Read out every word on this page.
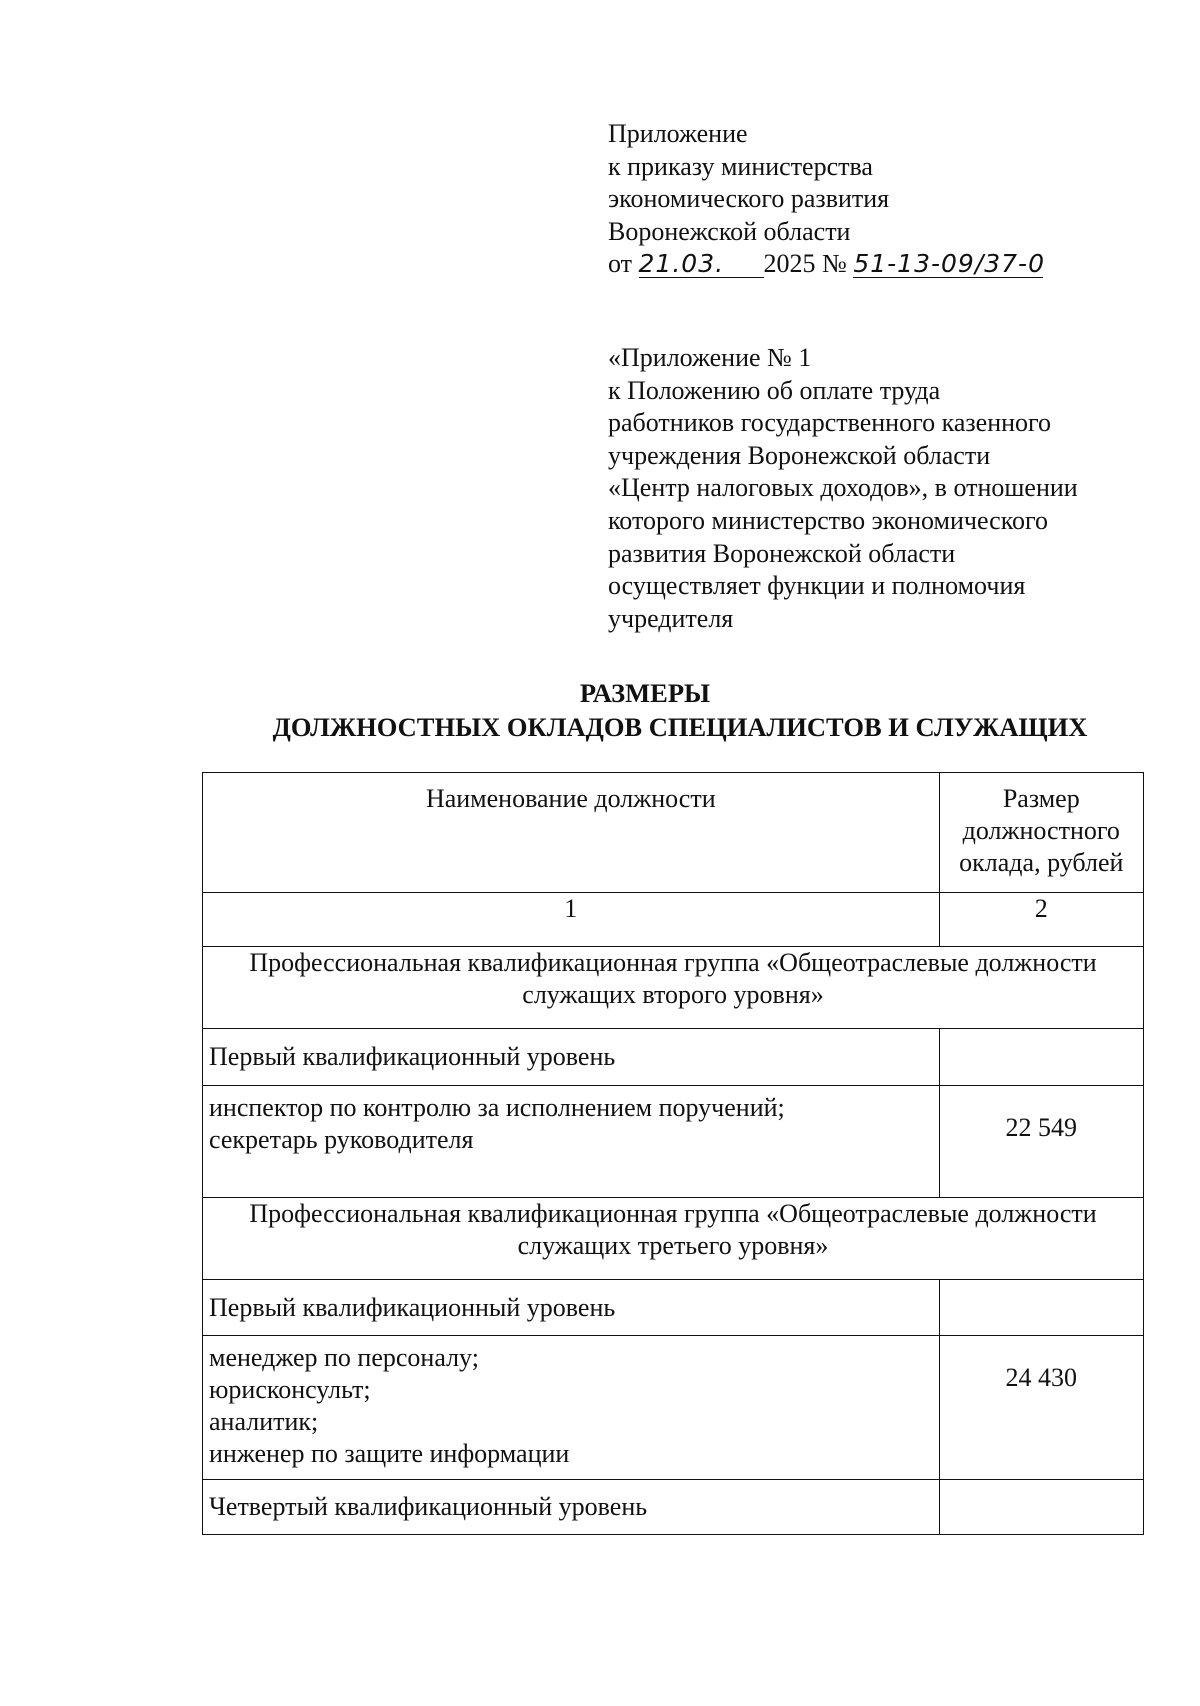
Приложение
к приказу министерства
экономического развития
Воронежской области
от 21.03. 2025 № 51-13-09/37-0
«Приложение № 1
к Положению об оплате труда
работников государственного казенного
учреждения Воронежской области
«Центр налоговых доходов», в отношении
которого министерство экономического
развития Воронежской области
осуществляет функции и полномочия
учредителя
РАЗМЕРЫ
ДОЛЖНОСТНЫХ ОКЛАДОВ СПЕЦИАЛИСТОВ И СЛУЖАЩИХ
Наименование должности	Размер
должностного
оклада, рублей

1	2

Профессиональная квалификационная группа «Общеотраслевые должности
служащих второго уровня»	

Первый квалификационный уровень	

инспектор по контролю за исполнением поручений;
секретарь руководителя	22 549

Профессиональная квалификационная группа «Общеотраслевые должности
служащих третьего уровня»	

Первый квалификационный уровень	

менеджер по персоналу;
юрисконсульт;
аналитик;
инженер по защите информации	24 430
Четвертый квалификационный уровень	
